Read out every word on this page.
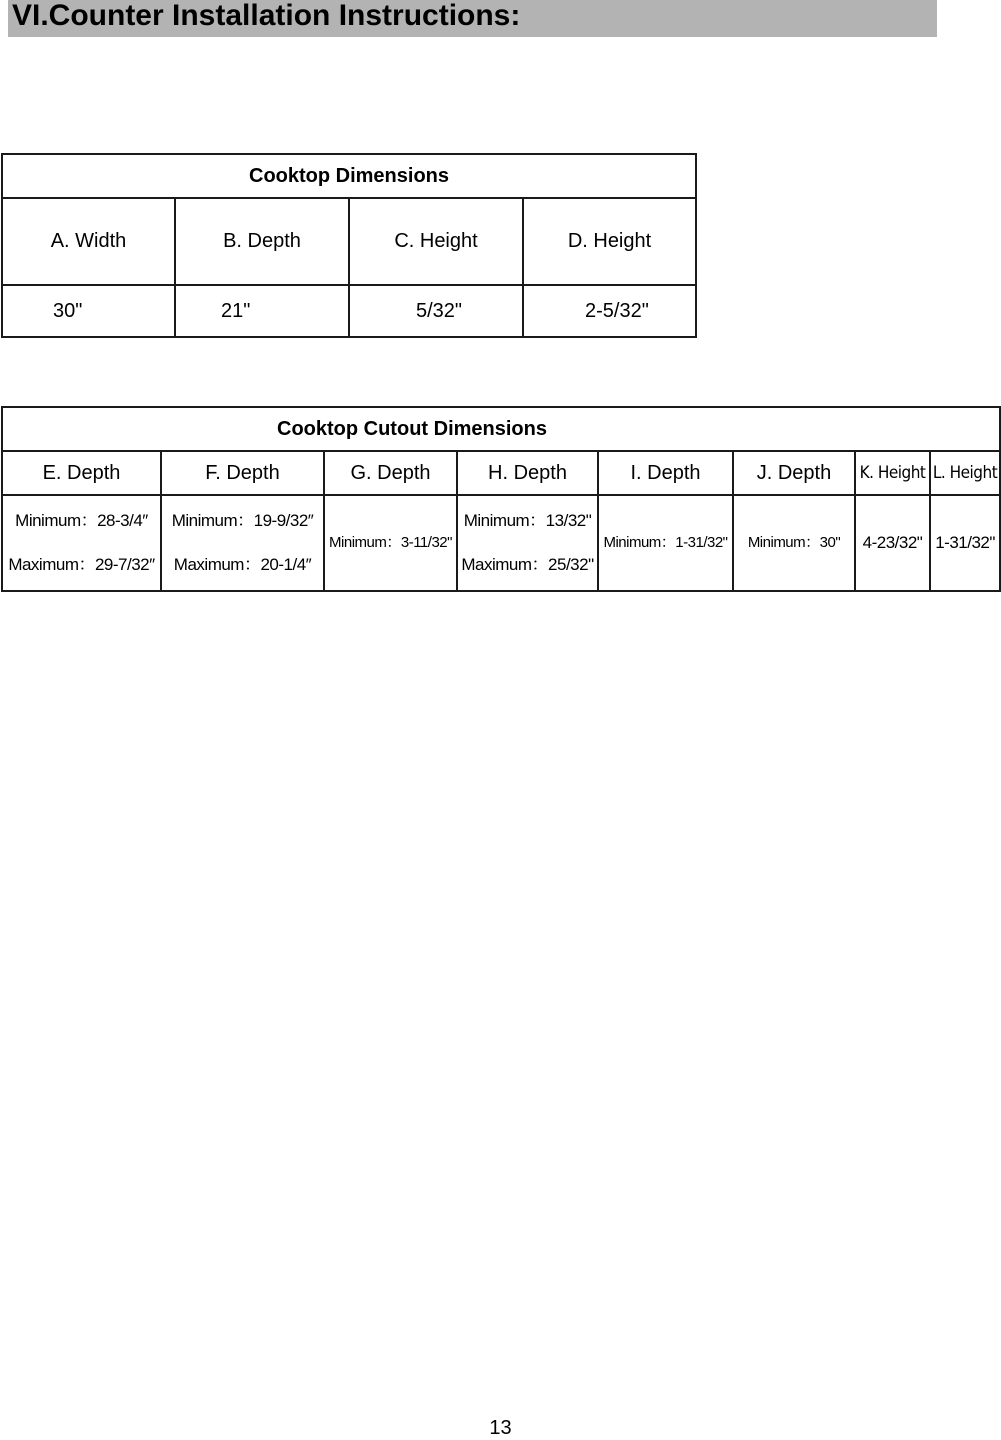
VI.Counter Installation Instructions:
Cooktop Dimensions			
A. Width	B. Depth	C. Height	D. Height
30"	21"	5/32"	2-5/32"
Cooktop Cutout Dimensions							
E. Depth	F. Depth	G. Depth	H. Depth	I. Depth	J. Depth	K. Height	L. Height

Minimum：28-3/4″
Maximum：29-7/32″	Minimum：19-9/32″
Maximum：20-1/4″	Minimum：3-11/32"	Minimum：13/32"
Maximum：25/32"	Minimum：1-31/32"	Minimum：30"	4-23/32"	1-31/32"
13
